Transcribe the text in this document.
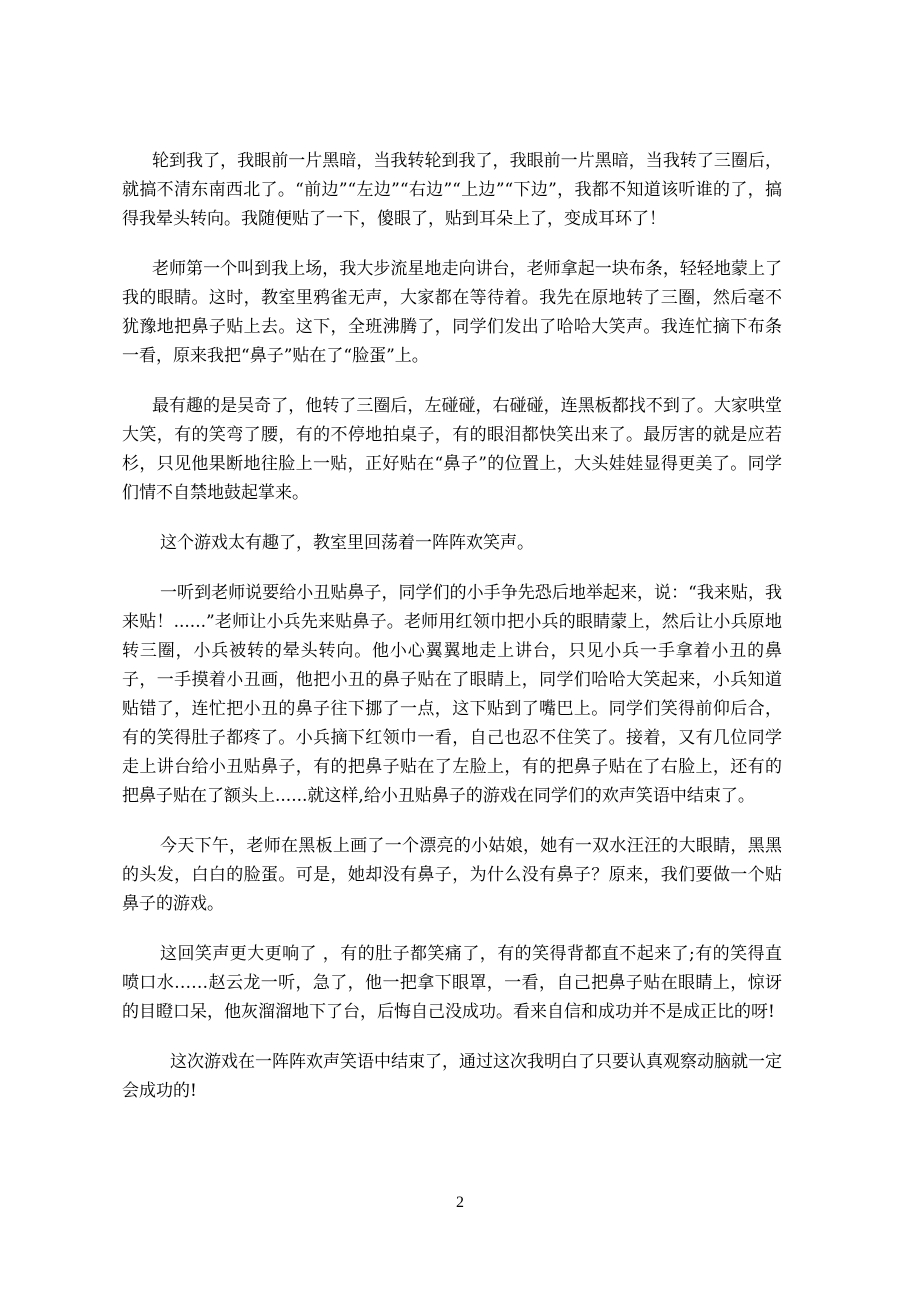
轮到我了，我眼前一片黑暗，当我转轮到我了，我眼前一片黑暗，当我转了三圈后，就搞不清东南西北了。“前边”“左边”“右边”“上边”“下边”，我都不知道该听谁的了，搞得我晕头转向。我随便贴了一下，傻眼了，贴到耳朵上了，变成耳环了！

老师第一个叫到我上场，我大步流星地走向讲台，老师拿起一块布条，轻轻地蒙上了我的眼睛。这时，教室里鸦雀无声，大家都在等待着。我先在原地转了三圈，然后毫不犹豫地把鼻子贴上去。这下，全班沸腾了，同学们发出了哈哈大笑声。我连忙摘下布条一看，原来我把“鼻子”贴在了“脸蛋”上。

最有趣的是吴奇了，他转了三圈后，左碰碰，右碰碰，连黑板都找不到了。大家哄堂大笑，有的笑弯了腰，有的不停地拍桌子，有的眼泪都快笑出来了。最厉害的就是应若杉，只见他果断地往脸上一贴，正好贴在“鼻子”的位置上，大头娃娃显得更美了。同学们情不自禁地鼓起掌来。

这个游戏太有趣了，教室里回荡着一阵阵欢笑声。

一听到老师说要给小丑贴鼻子，同学们的小手争先恐后地举起来，说：“我来贴，我来贴！......”老师让小兵先来贴鼻子。老师用红领巾把小兵的眼睛蒙上，然后让小兵原地转三圈，小兵被转的晕头转向。他小心翼翼地走上讲台，只见小兵一手拿着小丑的鼻子，一手摸着小丑画，他把小丑的鼻子贴在了眼睛上，同学们哈哈大笑起来，小兵知道贴错了，连忙把小丑的鼻子往下挪了一点，这下贴到了嘴巴上。同学们笑得前仰后合，有的笑得肚子都疼了。小兵摘下红领巾一看，自己也忍不住笑了。接着，又有几位同学走上讲台给小丑贴鼻子，有的把鼻子贴在了左脸上，有的把鼻子贴在了右脸上，还有的把鼻子贴在了额头上......就这样,给小丑贴鼻子的游戏在同学们的欢声笑语中结束了。

今天下午，老师在黑板上画了一个漂亮的小姑娘，她有一双水汪汪的大眼睛，黑黑的头发，白白的脸蛋。可是，她却没有鼻子，为什么没有鼻子？原来，我们要做一个贴鼻子的游戏。

这回笑声更大更响了 ，有的肚子都笑痛了，有的笑得背都直不起来了;有的笑得直喷口水……赵云龙一听，急了，他一把拿下眼罩，一看，自己把鼻子贴在眼睛上，惊讶的目瞪口呆，他灰溜溜地下了台，后悔自己没成功。看来自信和成功并不是成正比的呀!

这次游戏在一阵阵欢声笑语中结束了，通过这次我明白了只要认真观察动脑就一定会成功的!

2
